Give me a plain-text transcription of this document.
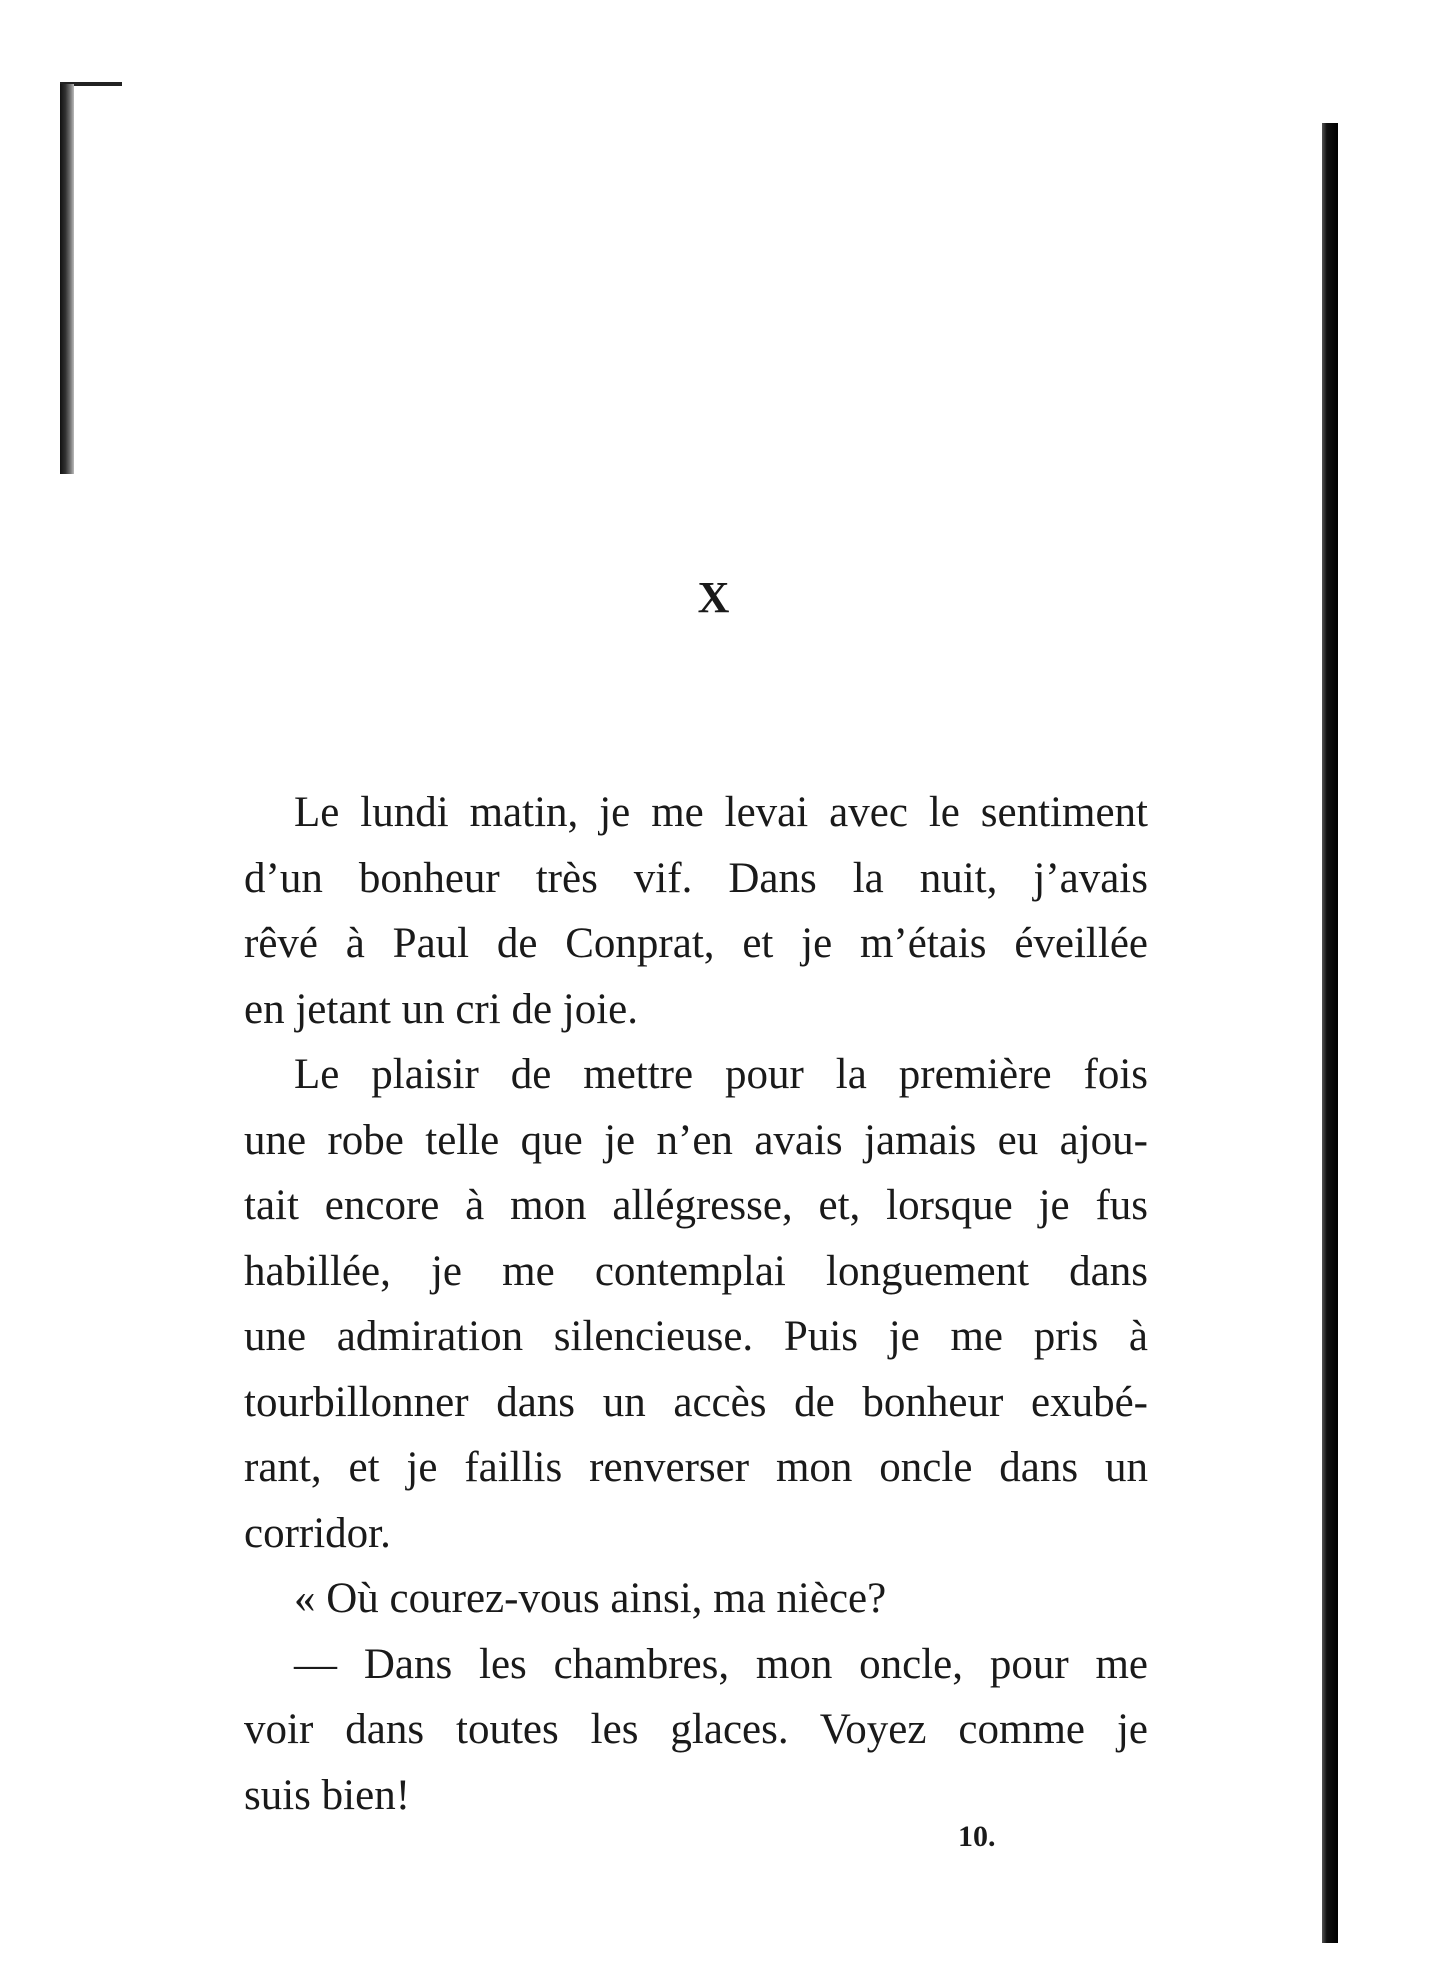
X
Le lundi matin, je me levai avec le sentiment
d’un bonheur très vif. Dans la nuit, j’avais
rêvé à Paul de Conprat, et je m’étais éveillée
en jetant un cri de joie.
Le plaisir de mettre pour la première fois
une robe telle que je n’en avais jamais eu ajou-
tait encore à mon allégresse, et, lorsque je fus
habillée, je me contemplai longuement dans
une admiration silencieuse. Puis je me pris à
tourbillonner dans un accès de bonheur exubé-
rant, et je faillis renverser mon oncle dans un
corridor.
« Où courez-vous ainsi, ma nièce?
— Dans les chambres, mon oncle, pour me
voir dans toutes les glaces. Voyez comme je
suis bien!
10.
